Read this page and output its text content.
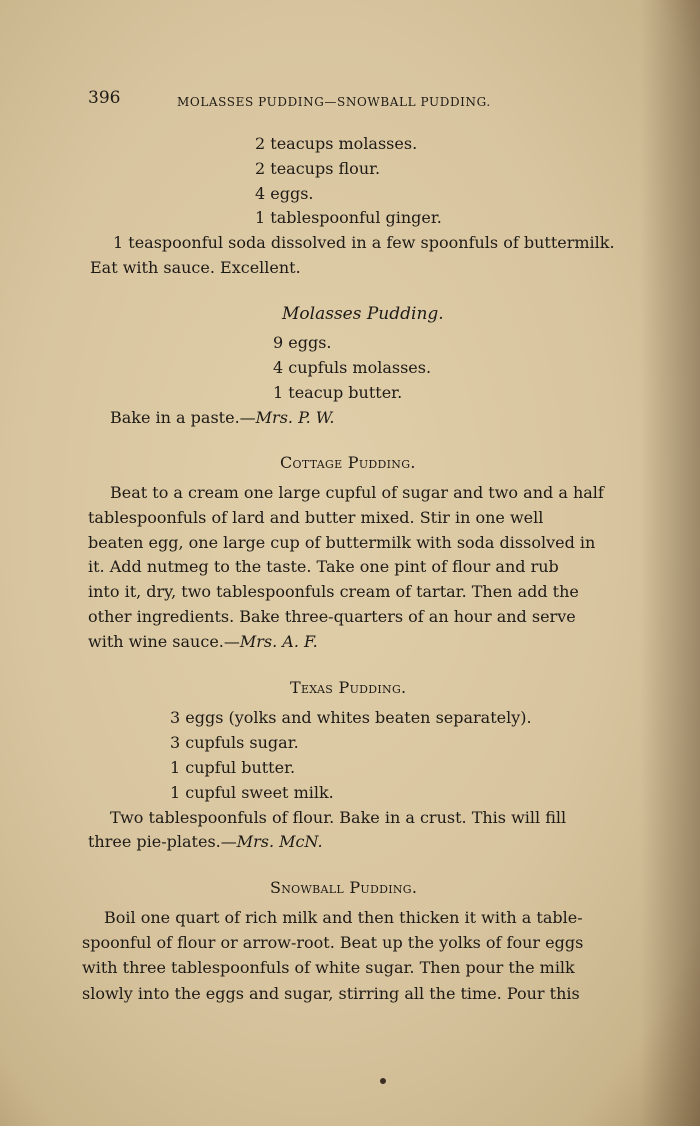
396	MOLASSES PUDDING—SNOWBALL PUDDING.
2 teacups molasses.
2 teacups flour.
4 eggs.
1 tablespoonful ginger.
1 teaspoonful soda dissolved in a few spoonfuls of buttermilk.
Eat with sauce. Excellent.
Molasses Pudding.
9 eggs.
4 cupfuls molasses.
1 teacup butter.
Bake in a paste.—Mrs. P. W.
Cottage Pudding.
Beat to a cream one large cupful of sugar and two and a half
tablespoonfuls of lard and butter mixed. Stir in one well
beaten egg, one large cup of buttermilk with soda dissolved in
it. Add nutmeg to the taste. Take one pint of flour and rub
into it, dry, two tablespoonfuls cream of tartar. Then add the
other ingredients. Bake three-quarters of an hour and serve
with wine sauce.—Mrs. A. F.
Texas Pudding.
3 eggs (yolks and whites beaten separately).
3 cupfuls sugar.
1 cupful butter.
1 cupful sweet milk.
Two tablespoonfuls of flour. Bake in a crust. This will fill
three pie-plates.—Mrs. McN.
Snowball Pudding.
Boil one quart of rich milk and then thicken it with a table-
spoonful of flour or arrow-root. Beat up the yolks of four eggs
with three tablespoonfuls of white sugar. Then pour the milk
slowly into the eggs and sugar, stirring all the time. Pour this
